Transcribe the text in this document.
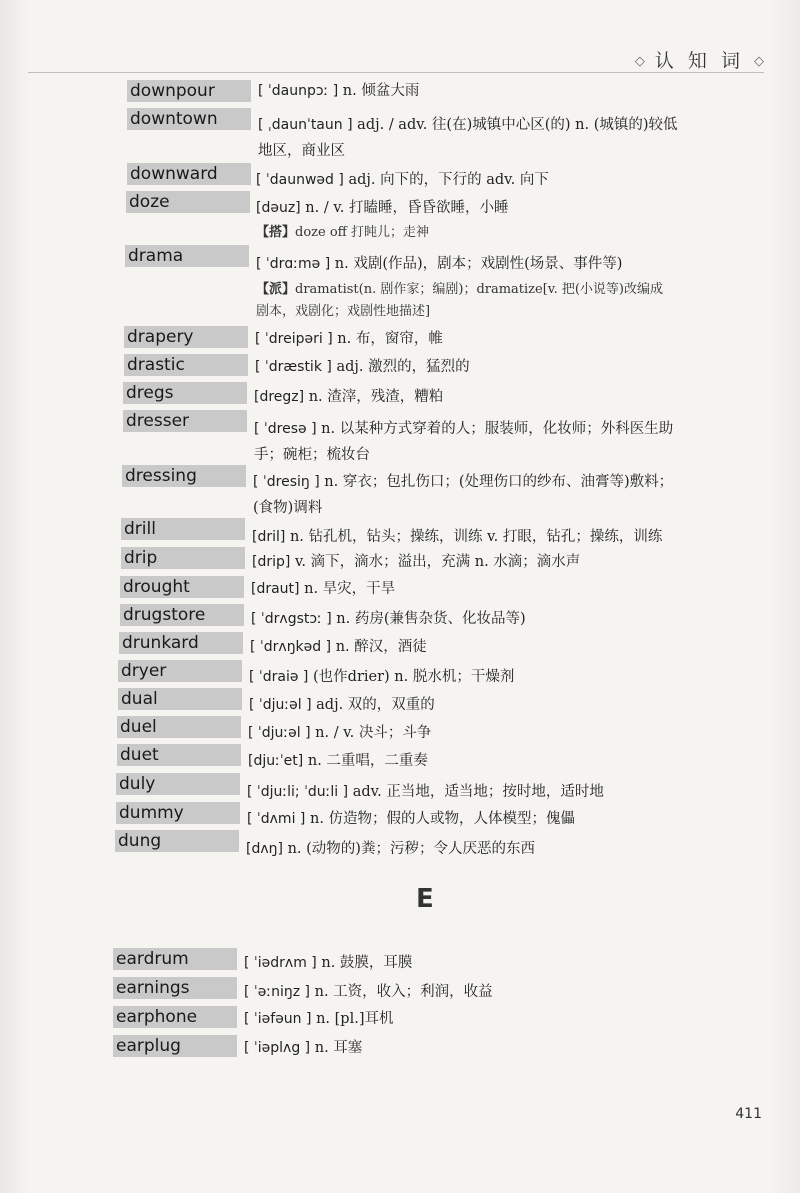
◇ 认 知 词 ◇
downpour	[ ˈdaunpɔː ] n. 倾盆大雨
downtown	[ ˌdaunˈtaun ] adj. / adv. 往(在)城镇中心区(的) n. (城镇的)较低
地区，商业区
downward	[ ˈdaunwəd ] adj. 向下的，下行的 adv. 向下
doze	[dəuz] n. / v. 打瞌睡，昏昏欲睡，小睡
【搭】doze off 打盹儿；走神
drama	[ ˈdrɑːmə ] n. 戏剧(作品)，剧本；戏剧性(场景、事件等)
【派】dramatist(n. 剧作家；编剧)；dramatize[v. 把(小说等)改编成
剧本，戏剧化；戏剧性地描述]
drapery	[ ˈdreipəri ] n. 布，窗帘，帷
drastic	[ ˈdræstik ] adj. 激烈的，猛烈的
dregs	[dregz] n. 渣滓，残渣，糟粕
dresser	[ ˈdresə ] n. 以某种方式穿着的人；服装师，化妆师；外科医生助
手；碗柜；梳妆台
dressing	[ ˈdresiŋ ] n. 穿衣；包扎伤口；(处理伤口的纱布、油膏等)敷料；
(食物)调料
drill	[dril] n. 钻孔机，钻头；操练，训练 v. 打眼，钻孔；操练，训练
drip	[drip] v. 滴下，滴水；溢出，充满 n. 水滴；滴水声
drought	[draut] n. 旱灾，干旱
drugstore	[ ˈdrʌgstɔː ] n. 药房(兼售杂货、化妆品等)
drunkard	[ ˈdrʌŋkəd ] n. 醉汉，酒徒
dryer	[ ˈdraiə ] (也作drier) n. 脱水机；干燥剂
dual	[ ˈdjuːəl ] adj. 双的，双重的
duel	[ ˈdjuːəl ] n. / v. 决斗；斗争
duet	[djuːˈet] n. 二重唱，二重奏
duly	[ ˈdjuːli; ˈduːli ] adv. 正当地，适当地；按时地，适时地
dummy	[ ˈdʌmi ] n. 仿造物；假的人或物，人体模型；傀儡
dung	[dʌŋ] n. (动物的)粪；污秽；令人厌恶的东西
eardrum	[ ˈiədrʌm ] n. 鼓膜，耳膜
earnings	[ ˈəːniŋz ] n. 工资，收入；利润，收益
earphone	[ ˈiəfəun ] n. [pl.]耳机
earplug	[ ˈiəplʌg ] n. 耳塞
E
411
